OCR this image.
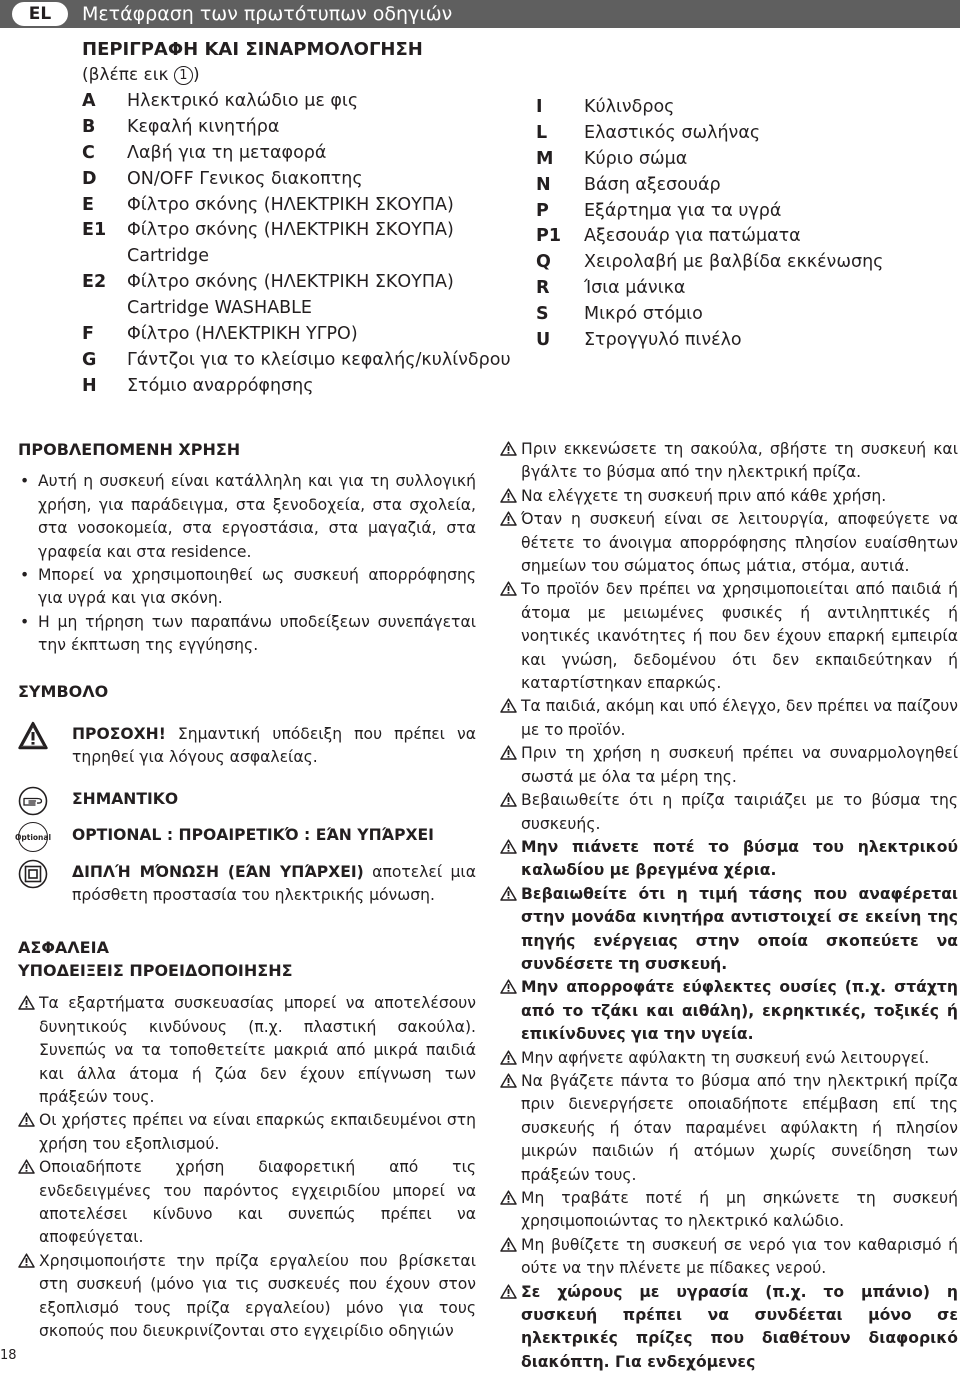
EL	Μετάφραση των πρωτότυπων οδηγιών
ΠΕΡΙΓΡΑΦΗ ΚΑΙ ΣΙΝΑΡΜΟΛΟΓΗΣΗ
(βλέπε εικ 1 )
A	Ηλεκτρικό καλώδιο με φις
B	Κεφαλή κινητήρα
C	Λαβή για τη μεταφορά
D	ON/OFF Γενικος διακοπτης
E	Φίλτρο σκόνης (ΗΛΕΚΤΡΙΚΗ ΣΚΟΥΠΑ)
E1	Φίλτρο σκόνης (ΗΛΕΚΤΡΙΚΗ ΣΚΟΥΠΑ)
Cartridge
E2	Φίλτρο σκόνης (ΗΛΕΚΤΡΙΚΗ ΣΚΟΥΠΑ)
Cartridge WASHABLE
F	Φίλτρο (ΗΛΕΚΤΡΙΚΗ ΥΓΡΟ)
G	Γάντζοι για το κλείσιμο κεφαλής/κυλίνδρου
H	Στόμιο αναρρόφησης
I	Κύλινδρος
L	Ελαστικός σωλήνας
M	Κύριο σώμα
N	Βάση αξεσουάρ
P	Εξάρτημα για τα υγρά
P1	Αξεσουάρ για πατώματα
Q	Χειρολαβή με βαλβίδα εκκένωσης
R	Ίσια μάνικα
S	Μικρό στόμιο
U	Στρογγυλό πινέλο
ΠΡΟΒΛΕΠΟΜΕΝΗ ΧΡΗΣΗ
• Αυτή η συσκευή είναι κατάλληλη και για τη συλλογική χρήση, για παράδειγμα, στα ξενοδοχεία, στα σχολεία, στα νοσοκομεία, στα εργοστάσια, στα μαγαζιά, στα γραφεία και στα residence.
• Μπορεί να χρησιμοποιηθεί ως συσκευή απορρόφησης για υγρά και για σκόνη.
• Η μη τήρηση των παραπάνω υποδείξεων συνεπάγεται την έκπτωση της εγγύησης.
ΣΥΜΒΟΛΟ
ΠΡΟΣΟΧΗ! Σημαντική υπόδειξη που πρέπει να τηρηθεί για λόγους ασφαλείας.
ΣΗΜΑΝΤΙΚΟ
Optional OPTIONAL : ΠΡΟΑΙΡΕΤΙΚΌ : ΕΆΝ ΥΠΆΡΧΕΙ
ΔΙΠΛΉ ΜΌΝΩΣΗ (ΕΆΝ ΥΠΆΡΧΕΙ) αποτελεί μια πρόσθετη προστασία του ηλεκτρικής μόνωση.
ΑΣΦΑΛΕΙΑ
ΥΠΟΔΕΙΞΕΙΣ ΠΡΟΕΙΔΟΠΟΙΗΣΗΣ
Τα εξαρτήματα συσκευασίας μπορεί να αποτελέσουν δυνητικούς κινδύνους (π.χ. πλαστική σακούλα). Συνεπώς να τα τοποθετείτε μακριά από μικρά παιδιά και άλλα άτομα ή ζώα δεν έχουν επίγνωση των πράξεών τους.
Οι χρήστες πρέπει να είναι επαρκώς εκπαιδευμένοι στη χρήση του εξοπλισμού.
Οποιαδήποτε χρήση διαφορετική από τις ενδεδειγμένες του παρόντος εγχειριδίου μπορεί να αποτελέσει κίνδυνο και συνεπώς πρέπει να αποφεύγεται.
Χρησιμοποιήστε την πρίζα εργαλείου που βρίσκεται στη συσκευή (μόνο για τις συσκευές που έχουν στον εξοπλισμό τους πρίζα εργαλείου) μόνο για τους σκοπούς που διευκρινίζονται στο εγχειρίδιο οδηγιών
Πριν εκκενώσετε τη σακούλα, σβήστε τη συσκευή και βγάλτε το βύσμα από την ηλεκτρική πρίζα.
Να ελέγχετε τη συσκευή πριν από κάθε χρήση.
Όταν η συσκευή είναι σε λειτουργία, αποφεύγετε να θέτετε το άνοιγμα απορρόφησης πλησίον ευαίσθητων σημείων του σώματος όπως μάτια, στόμα, αυτιά.
Το προϊόν δεν πρέπει να χρησιμοποιείται από παιδιά ή άτομα με μειωμένες φυσικές ή αντιληπτικές ή νοητικές ικανότητες ή που δεν έχουν επαρκή εμπειρία και γνώση, δεδομένου ότι δεν εκπαιδεύτηκαν ή καταρτίστηκαν επαρκώς.
Τα παιδιά, ακόμη και υπό έλεγχο, δεν πρέπει να παίζουν με το προϊόν.
Πριν τη χρήση η συσκευή πρέπει να συναρμολογηθεί σωστά με όλα τα μέρη της.
Βεβαιωθείτε ότι η πρίζα ταιριάζει με το βύσμα της συσκευής.
Μην πιάνετε ποτέ το βύσμα του ηλεκτρικού καλωδίου με βρεγμένα χέρια.
Βεβαιωθείτε ότι η τιμή τάσης που αναφέρεται στην μονάδα κινητήρα αντιστοιχεί σε εκείνη της πηγής ενέργειας στην οποία σκοπεύετε να συνδέσετε τη συσκευή.
Μην απορροφάτε εύφλεκτες ουσίες (π.χ. στάχτη από το τζάκι και αιθάλη), εκρηκτικές, τοξικές ή επικίνδυνες για την υγεία.
Μην αφήνετε αφύλακτη τη συσκευή ενώ λειτουργεί.
Να βγάζετε πάντα το βύσμα από την ηλεκτρική πρίζα πριν διενεργήσετε οποιαδήποτε επέμβαση επί της συσκευής ή όταν παραμένει αφύλακτη ή πλησίον μικρών παιδιών ή ατόμων χωρίς συνείδηση των πράξεών τους.
Μη τραβάτε ποτέ ή μη σηκώνετε τη συσκευή χρησιμοποιώντας το ηλεκτρικό καλώδιο.
Μη βυθίζετε τη συσκευή σε νερό για τον καθαρισμό ή ούτε να την πλένετε με πίδακες νερού.
Σε χώρους με υγρασία (π.χ. το μπάνιο) η συσκευή πρέπει να συνδέεται μόνο σε ηλεκτρικές πρίζες που διαθέτουν διαφορικό διακόπτη. Για ενδεχόμενες
18
